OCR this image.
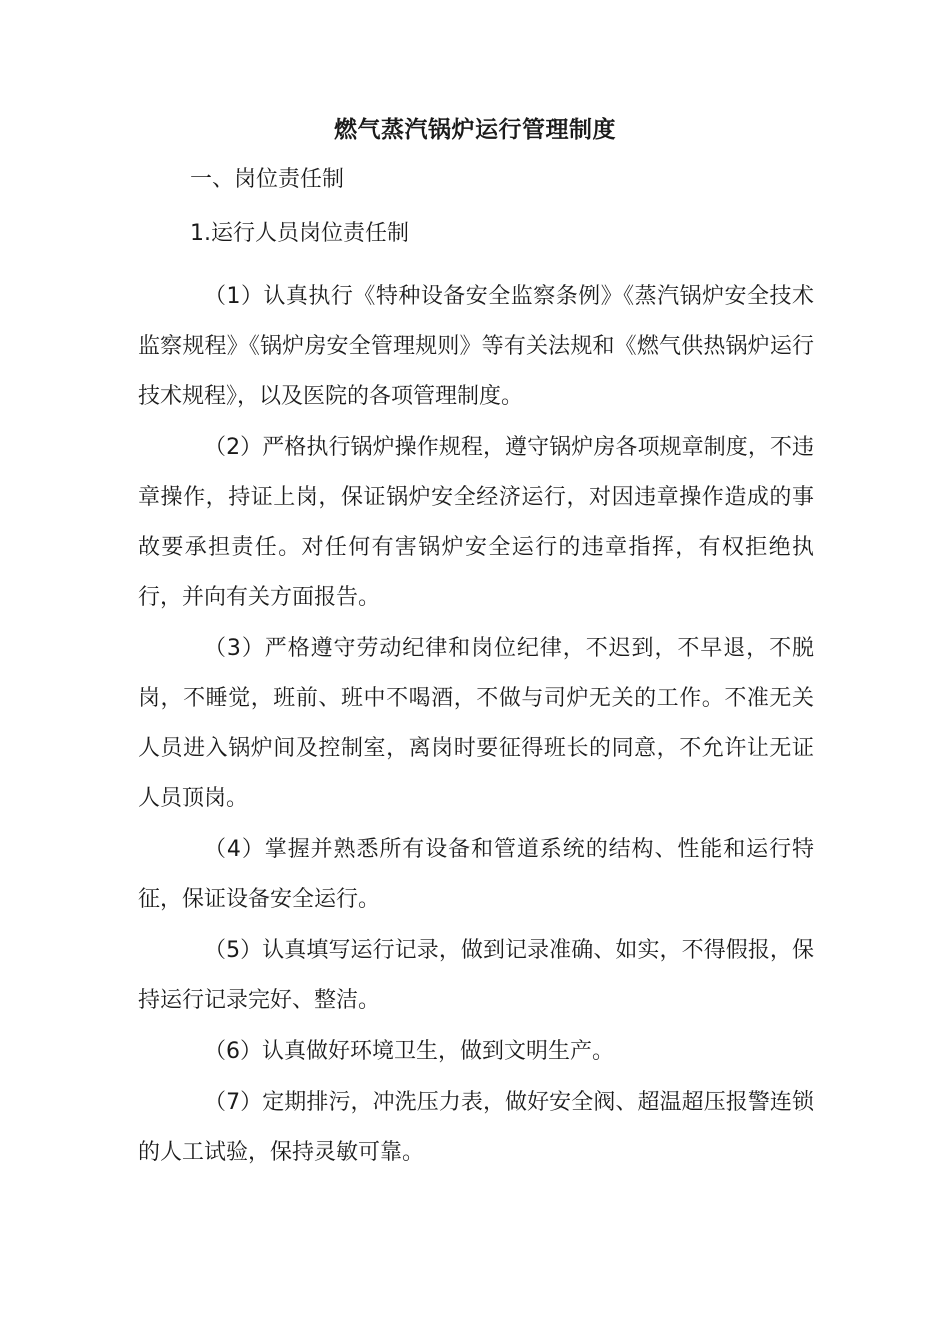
燃气蒸汽锅炉运行管理制度
一、岗位责任制
1.运行人员岗位责任制
（1）认真执行《特种设备安全监察条例》《蒸汽锅炉安全技术监察规程》《锅炉房安全管理规则》等有关法规和《燃气供热锅炉运行技术规程》，以及医院的各项管理制度。
（2）严格执行锅炉操作规程，遵守锅炉房各项规章制度，不违章操作，持证上岗，保证锅炉安全经济运行，对因违章操作造成的事故要承担责任。对任何有害锅炉安全运行的违章指挥，有权拒绝执行，并向有关方面报告。
（3）严格遵守劳动纪律和岗位纪律，不迟到，不早退，不脱岗，不睡觉，班前、班中不喝酒，不做与司炉无关的工作。不准无关人员进入锅炉间及控制室，离岗时要征得班长的同意，不允许让无证人员顶岗。
（4）掌握并熟悉所有设备和管道系统的结构、性能和运行特征，保证设备安全运行。
（5）认真填写运行记录，做到记录准确、如实，不得假报，保持运行记录完好、整洁。
（6）认真做好环境卫生，做到文明生产。
（7）定期排污，冲洗压力表，做好安全阀、超温超压报警连锁的人工试验，保持灵敏可靠。
